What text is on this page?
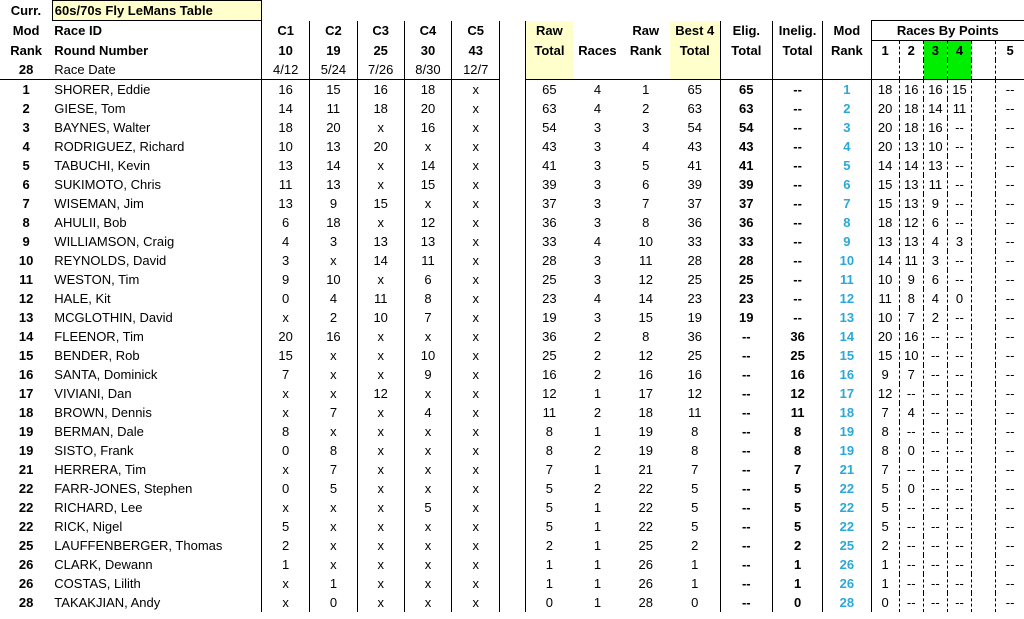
Curr.	60s/70s Fly LeMans Table																			
Mod	Race ID	C1	C2	C3	C4	C5		Raw		Raw	Best 4	Elig.	Inelig.	Mod	Races By Points					
Rank	Round Number	10	19	25	30	43		Total	Races	Rank	Total	Total	Total	Rank	1	2	3	4		5
28	Race Date	4/12	5/24	7/26	8/30	12/7														
1	SHORER, Eddie	16	15	16	18	x		65	4	1	65	65	--	1	18	16	16	15		--
2	GIESE, Tom	14	11	18	20	x		63	4	2	63	63	--	2	20	18	14	11		--
3	BAYNES, Walter	18	20	x	16	x		54	3	3	54	54	--	3	20	18	16	--		--
4	RODRIGUEZ, Richard	10	13	20	x	x		43	3	4	43	43	--	4	20	13	10	--		--
5	TABUCHI, Kevin	13	14	x	14	x		41	3	5	41	41	--	5	14	14	13	--		--
6	SUKIMOTO, Chris	11	13	x	15	x		39	3	6	39	39	--	6	15	13	11	--		--
7	WISEMAN, Jim	13	9	15	x	x		37	3	7	37	37	--	7	15	13	9	--		--
8	AHULII, Bob	6	18	x	12	x		36	3	8	36	36	--	8	18	12	6	--		--
9	WILLIAMSON, Craig	4	3	13	13	x		33	4	10	33	33	--	9	13	13	4	3		--
10	REYNOLDS, David	3	x	14	11	x		28	3	11	28	28	--	10	14	11	3	--		--
11	WESTON, Tim	9	10	x	6	x		25	3	12	25	25	--	11	10	9	6	--		--
12	HALE, Kit	0	4	11	8	x		23	4	14	23	23	--	12	11	8	4	0		--
13	MCGLOTHIN, David	x	2	10	7	x		19	3	15	19	19	--	13	10	7	2	--		--
14	FLEENOR, Tim	20	16	x	x	x		36	2	8	36	--	36	14	20	16	--	--		--
15	BENDER, Rob	15	x	x	10	x		25	2	12	25	--	25	15	15	10	--	--		--
16	SANTA, Dominick	7	x	x	9	x		16	2	16	16	--	16	16	9	7	--	--		--
17	VIVIANI, Dan	x	x	12	x	x		12	1	17	12	--	12	17	12	--	--	--		--
18	BROWN, Dennis	x	7	x	4	x		11	2	18	11	--	11	18	7	4	--	--		--
19	BERMAN, Dale	8	x	x	x	x		8	1	19	8	--	8	19	8	--	--	--		--
19	SISTO, Frank	0	8	x	x	x		8	2	19	8	--	8	19	8	0	--	--		--
21	HERRERA, Tim	x	7	x	x	x		7	1	21	7	--	7	21	7	--	--	--		--
22	FARR-JONES, Stephen	0	5	x	x	x		5	2	22	5	--	5	22	5	0	--	--		--
22	RICHARD, Lee	x	x	x	5	x		5	1	22	5	--	5	22	5	--	--	--		--
22	RICK, Nigel	5	x	x	x	x		5	1	22	5	--	5	22	5	--	--	--		--
25	LAUFFENBERGER, Thomas	2	x	x	x	x		2	1	25	2	--	2	25	2	--	--	--		--
26	CLARK, Dewann	1	x	x	x	x		1	1	26	1	--	1	26	1	--	--	--		--
26	COSTAS, Lilith	x	1	x	x	x		1	1	26	1	--	1	26	1	--	--	--		--
28	TAKAKJIAN, Andy	x	0	x	x	x		0	1	28	0	--	0	28	0	--	--	--		--
